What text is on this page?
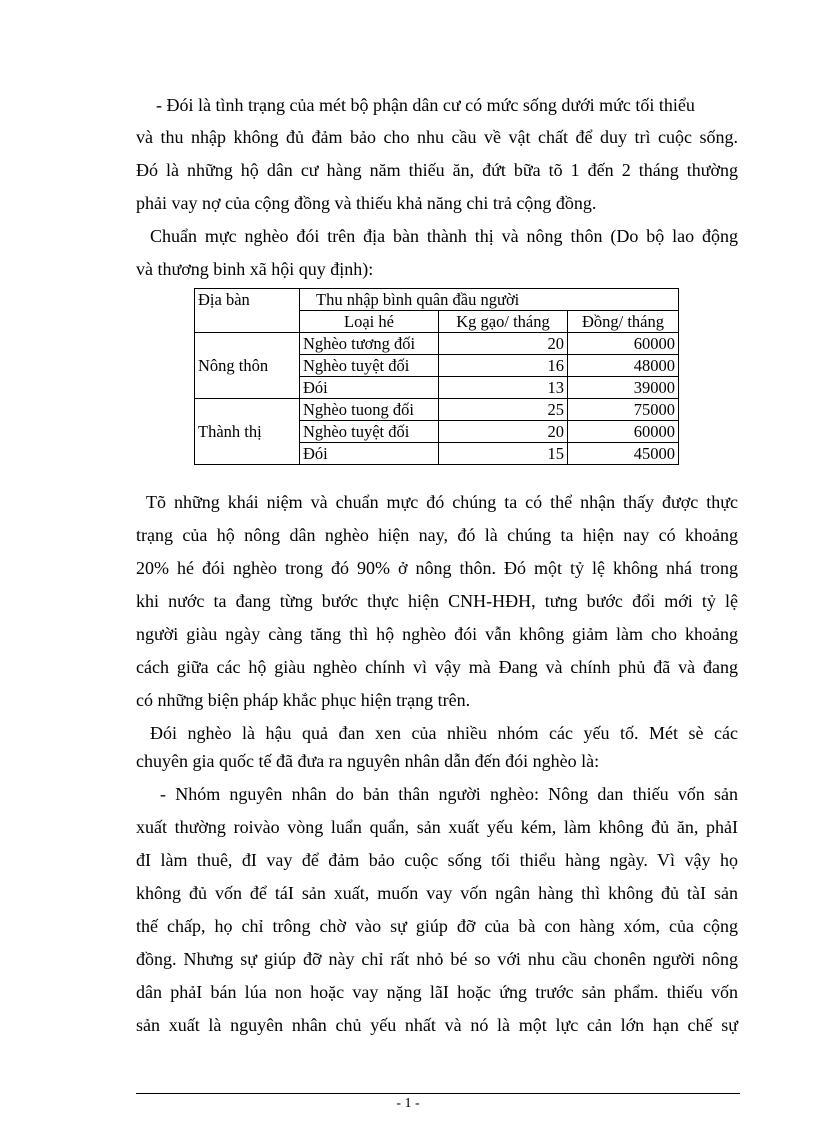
- Đói là tình trạng của mét bộ phận dân cư có mức sống dưới mức tối thiểu
và thu nhập không đủ đảm bảo cho nhu cầu về vật chất để duy trì cuộc sống.
Đó là những hộ dân cư hàng năm thiếu ăn, đứt bữa tõ 1 đến 2 tháng thường
phải vay nợ của cộng đồng và thiếu khả năng chi trả cộng đồng.
Chuẩn mực nghèo đói trên địa bàn thành thị và nông thôn (Do bộ lao động
và thương binh xã hội quy định):
Địa bàn	Thu nhập bình quân đầu người		
	Loại hé	Kg gạo/ tháng	Đồng/ tháng
	Nghèo tương đối	20	60000
Nông thôn	Nghèo tuyệt đối	16	48000
	Đói	13	39000
	Nghèo tuong đối	25	75000
Thành thị	Nghèo tuyệt đối	20	60000
	Đói	15	45000
Tõ những khái niệm và chuẩn mực đó chúng ta có thể nhận thấy được thực
trạng của hộ nông dân nghèo hiện nay, đó là chúng ta hiện nay có khoảng
20% hé đói nghèo trong đó 90% ở nông thôn. Đó một tỷ lệ không nhá trong
khi nước ta đang từng bước thực hiện CNH-HĐH, tưng bước đổi mới tỷ lệ
người giàu ngày càng tăng thì hộ nghèo đói vẫn không giảm làm cho khoảng
cách giữa các hộ giàu nghèo chính vì vậy mà Đang và chính phủ đã và đang
có những biện pháp khắc phục hiện trạng trên.
Đói nghèo là hậu quả đan xen của nhiều nhóm các yếu tố. Mét sè các
chuyên gia quốc tế đã đưa ra nguyên nhân dẫn đến đói nghèo là:
- Nhóm nguyên nhân do bản thân người nghèo: Nông dan thiếu vốn sản
xuất thường roivào vòng luẩn quẩn, sản xuất yếu kém, làm không đủ ăn, phảI
đI làm thuê, đI vay để đảm bảo cuộc sống tối thiểu hàng ngày. Vì vậy họ
không đủ vốn để táI sản xuất, muốn vay vốn ngân hàng thì không đủ tàI sản
thế chấp, họ chỉ trông chờ vào sự giúp đỡ của bà con hàng xóm, của cộng
đồng. Nhưng sự giúp đỡ này chỉ rất nhỏ bé so với nhu cầu chonên người nông
dân phảI bán lúa non hoặc vay nặng lãI hoặc ứng trước sản phẩm. thiếu vốn
sản xuất là nguyên nhân chủ yếu nhất và nó là một lực cản lớn hạn chế sự
- 1 -
